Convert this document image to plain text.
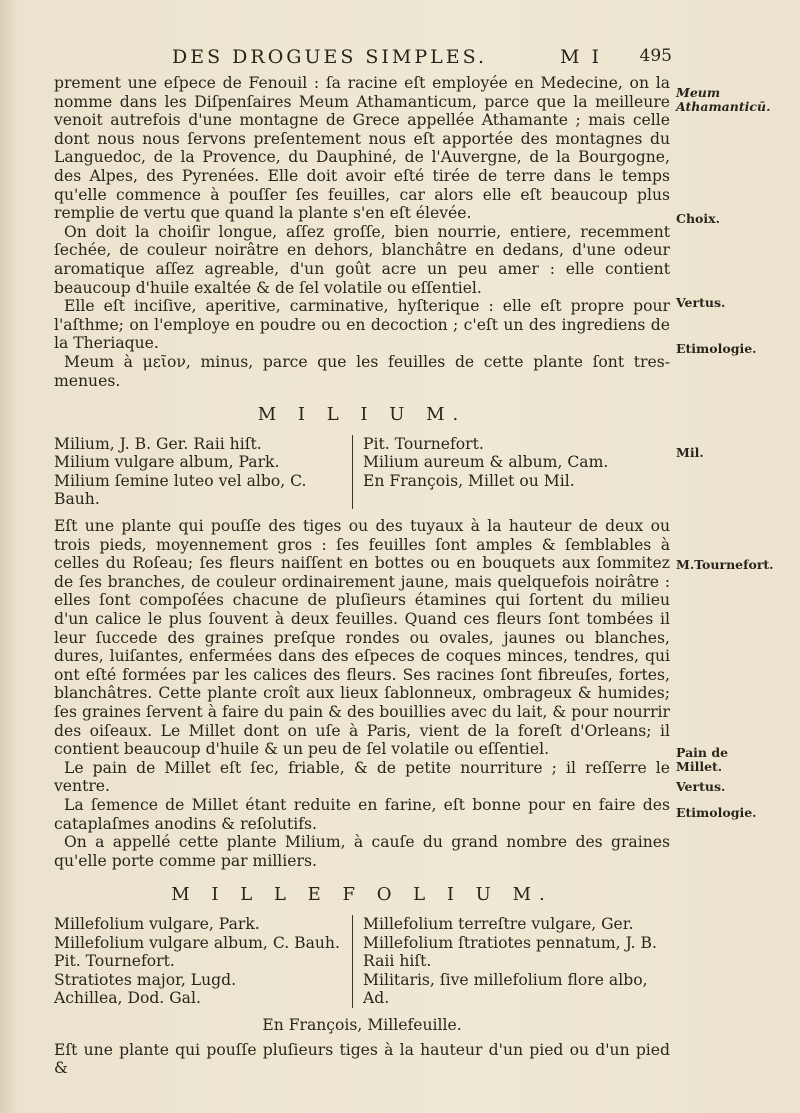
DES DROGUES SIMPLES.	M I 495

prement une eſpece de Fenouil : ſa racine eſt employée en Medecine, on la nomme dans les Diſpenſaires Meum Athamanticum, parce que la meilleure venoit autrefois d'une montagne de Grece appellée Athamante ; mais celle dont nous nous ſervons preſentement nous eſt apportée des montagnes du Languedoc, de la Provence, du Dauphiné, de l'Auvergne, de la Bourgogne, des Alpes, des Pyrenées. Elle doit avoir eſté tirée de terre dans le temps qu'elle commence à pouſſer ſes feuilles, car alors elle eſt beaucoup plus remplie de vertu que quand la plante s'en eſt élevée.

On doit la choiſir longue, aſſez groſſe, bien nourrie, entiere, recemment ſechée, de couleur noirâtre en dehors, blanchâtre en dedans, d'une odeur aromatique aſſez agreable, d'un goût acre un peu amer : elle contient beaucoup d'huile exaltée & de ſel volatile ou eſſentiel.

Elle eſt inciſive, aperitive, carminative, hyſterique : elle eſt propre pour l'aſthme; on l'employe en poudre ou en decoction ; c'eſt un des ingrediens de la Theriaque.

Meum à μεῖον, minus, parce que les feuilles de cette plante ſont tres-menues.

M I L I U M.
Milium, J. B. Ger. Raii hiſt.
Milium vulgare album, Park.
Milium ſemine luteo vel albo, C. Bauh.
Pit. Tournefort.
Milium aureum & album, Cam.
En François, Millet ou Mil.

Eſt une plante qui pouſſe des tiges ou des tuyaux à la hauteur de deux ou trois pieds, moyennement gros : ſes feuilles ſont amples & ſemblables à celles du Roſeau; ſes fleurs naiſſent en bottes ou en bouquets aux ſommitez de ſes branches, de couleur ordinairement jaune, mais quelquefois noirâtre : elles ſont compoſées chacune de pluſieurs étamines qui ſortent du milieu d'un calice le plus ſouvent à deux feuilles. Quand ces fleurs ſont tombées il leur ſuccede des graines preſque rondes ou ovales, jaunes ou blanches, dures, luiſantes, enfermées dans des eſpeces de coques minces, tendres, qui ont eſté formées par les calices des fleurs. Ses racines ſont fibreuſes, fortes, blanchâtres. Cette plante croît aux lieux ſablonneux, ombrageux & humides; ſes graines ſervent à faire du pain & des bouillies avec du lait, & pour nourrir des oiſeaux. Le Millet dont on uſe à Paris, vient de la foreſt d'Orleans; il contient beaucoup d'huile & un peu de ſel volatile ou eſſentiel.

Le pain de Millet eſt ſec, friable, & de petite nourriture ; il reſſerre le ventre.

La ſemence de Millet étant reduite en farine, eſt bonne pour en faire des cataplaſmes anodins & reſolutifs.

On a appellé cette plante Milium, à cauſe du grand nombre des graines qu'elle porte comme par milliers.

M I L L E F O L I U M.
Millefolium vulgare, Park.
Millefolium vulgare album, C. Bauh.
Pit. Tournefort.
Stratiotes major, Lugd.
Achillea, Dod. Gal.
Millefolium terreſtre vulgare, Ger.
Millefolium ſtratiotes pennatum, J. B.
Raii hiſt.
Militaris, ſive millefolium flore albo,
Ad.
En François, Millefeuille.

Eſt une plante qui pouſſe pluſieurs tiges à la hauteur d'un pied ou d'un pied &

Meum Athamanticū.
Choix.
Vertus.
Etimologie.
Mil.
M.Tournefort.
Pain de Millet.
Vertus.
Etimologie.
